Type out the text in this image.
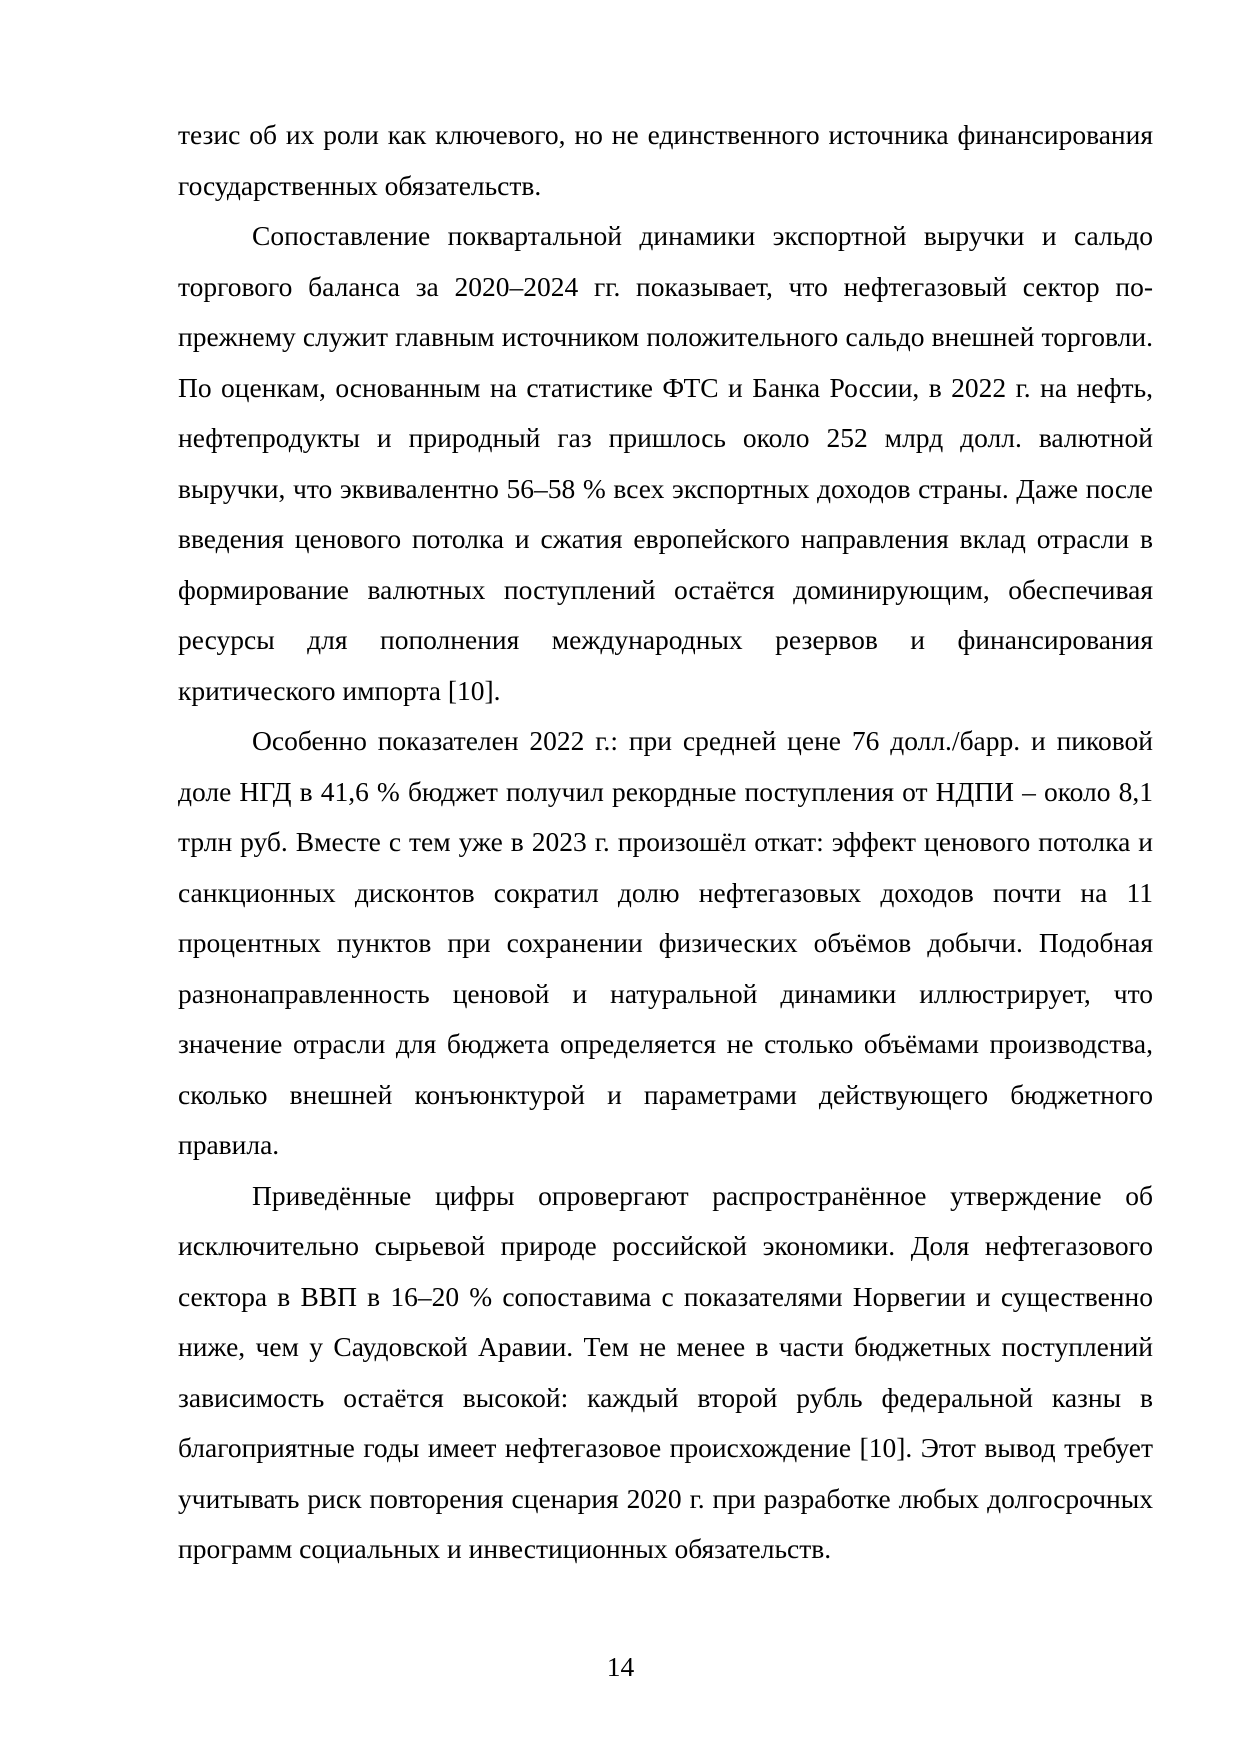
тезис об их роли как ключевого, но не единственного источника финансирования государственных обязательств.

Сопоставление поквартальной динамики экспортной выручки и сальдо торгового баланса за 2020–2024 гг. показывает, что нефтегазовый сектор по-прежнему служит главным источником положительного сальдо внешней торговли. По оценкам, основанным на статистике ФТС и Банка России, в 2022 г. на нефть, нефтепродукты и природный газ пришлось около 252 млрд долл. валютной выручки, что эквивалентно 56–58 % всех экспортных доходов страны. Даже после введения ценового потолка и сжатия европейского направления вклад отрасли в формирование валютных поступлений остаётся доминирующим, обеспечивая ресурсы для пополнения международных резервов и финансирования критического импорта [10].

Особенно показателен 2022 г.: при средней цене 76 долл./барр. и пиковой доле НГД в 41,6 % бюджет получил рекордные поступления от НДПИ – около 8,1 трлн руб. Вместе с тем уже в 2023 г. произошёл откат: эффект ценового потолка и санкционных дисконтов сократил долю нефтегазовых доходов почти на 11 процентных пунктов при сохранении физических объёмов добычи. Подобная разнонаправленность ценовой и натуральной динамики иллюстрирует, что значение отрасли для бюджета определяется не столько объёмами производства, сколько внешней конъюнктурой и параметрами действующего бюджетного правила.

Приведённые цифры опровергают распространённое утверждение об исключительно сырьевой природе российской экономики. Доля нефтегазового сектора в ВВП в 16–20 % сопоставима с показателями Норвегии и существенно ниже, чем у Саудовской Аравии. Тем не менее в части бюджетных поступлений зависимость остаётся высокой: каждый второй рубль федеральной казны в благоприятные годы имеет нефтегазовое происхождение [10]. Этот вывод требует учитывать риск повторения сценария 2020 г. при разработке любых долгосрочных программ социальных и инвестиционных обязательств.

14
